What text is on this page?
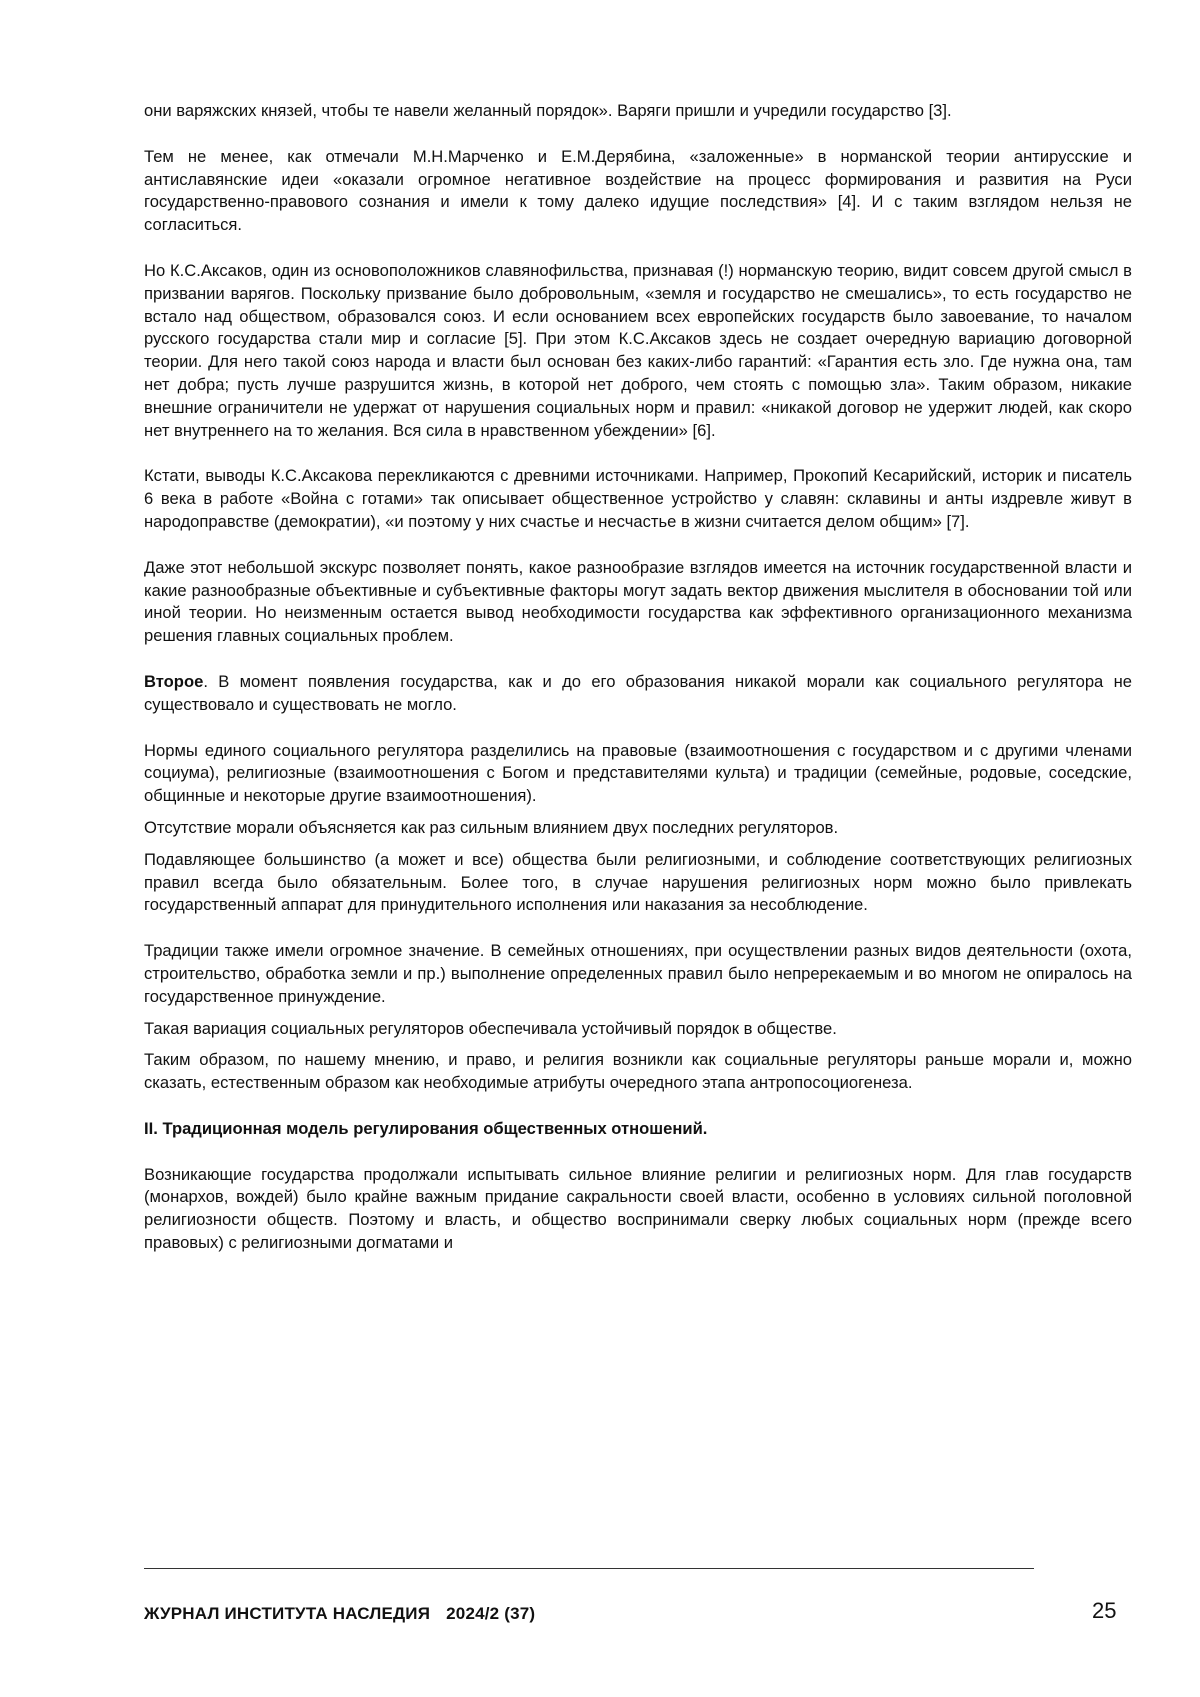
они варяжских князей, чтобы те навели желанный порядок». Варяги пришли и учредили государство [3].

Тем не менее, как отмечали М.Н.Марченко и Е.М.Дерябина, «заложенные» в норманской теории антирусские и антиславянские идеи «оказали огромное негативное воздействие на процесс формирования и развития на Руси государственно-правового сознания и имели к тому далеко идущие последствия» [4]. И с таким взглядом нельзя не согласиться.

Но К.С.Аксаков, один из основоположников славянофильства, признавая (!) норманскую теорию, видит совсем другой смысл в призвании варягов. Поскольку призвание было добровольным, «земля и государство не смешались», то есть государство не встало над обществом, образовался союз. И если основанием всех европейских государств было завоевание, то началом русского государства стали мир и согласие [5]. При этом К.С.Аксаков здесь не создает очередную вариацию договорной теории. Для него такой союз народа и власти был основан без каких-либо гарантий: «Гарантия есть зло. Где нужна она, там нет добра; пусть лучше разрушится жизнь, в которой нет доброго, чем стоять с помощью зла». Таким образом, никакие внешние ограничители не удержат от нарушения социальных норм и правил: «никакой договор не удержит людей, как скоро нет внутреннего на то желания. Вся сила в нравственном убеждении» [6].

Кстати, выводы К.С.Аксакова перекликаются с древними источниками. Например, Прокопий Кесарийский, историк и писатель 6 века в работе «Война с готами» так описывает общественное устройство у славян: склавины и анты издревле живут в народоправстве (демократии), «и поэтому у них счастье и несчастье в жизни считается делом общим» [7].

Даже этот небольшой экскурс позволяет понять, какое разнообразие взглядов имеется на источник государственной власти и какие разнообразные объективные и субъективные факторы могут задать вектор движения мыслителя в обосновании той или иной теории. Но неизменным остается вывод необходимости государства как эффективного организационного механизма решения главных социальных проблем.

Второе. В момент появления государства, как и до его образования никакой морали как социального регулятора не существовало и существовать не могло.

Нормы единого социального регулятора разделились на правовые (взаимоотношения с государством и с другими членами социума), религиозные (взаимоотношения с Богом и представителями культа) и традиции (семейные, родовые, соседские, общинные и некоторые другие взаимоотношения).

Отсутствие морали объясняется как раз сильным влиянием двух последних регуляторов.

Подавляющее большинство (а может и все) общества были религиозными, и соблюдение соответствующих религиозных правил всегда было обязательным. Более того, в случае нарушения религиозных норм можно было привлекать государственный аппарат для принудительного исполнения или наказания за несоблюдение.

Традиции также имели огромное значение. В семейных отношениях, при осуществлении разных видов деятельности (охота, строительство, обработка земли и пр.) выполнение определенных правил было непререкаемым и во многом не опиралось на государственное принуждение.

Такая вариация социальных регуляторов обеспечивала устойчивый порядок в обществе.

Таким образом, по нашему мнению, и право, и религия возникли как социальные регуляторы раньше морали и, можно сказать, естественным образом как необходимые атрибуты очередного этапа антропосоциогенеза.

II. Традиционная модель регулирования общественных отношений.

Возникающие государства продолжали испытывать сильное влияние религии и религиозных норм. Для глав государств (монархов, вождей) было крайне важным придание сакральности своей власти, особенно в условиях сильной поголовной религиозности обществ. Поэтому и власть, и общество воспринимали сверку любых социальных норм (прежде всего правовых) с религиозными догматами и

ЖУРНАЛ ИНСТИТУТА НАСЛЕДИЯ 2024/2 (37)	25
